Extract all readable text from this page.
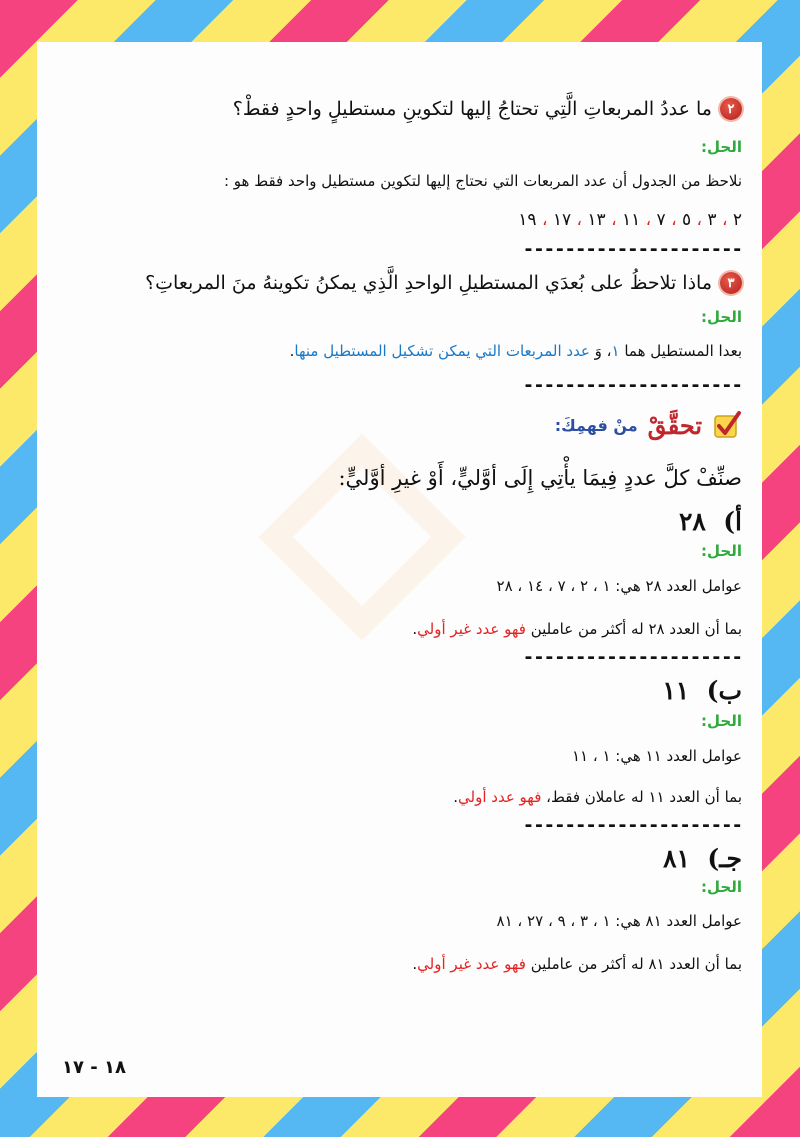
٢
ما عددُ المربعاتِ الَّتِي تحتاجُ إليها لتكوينِ مستطيلٍ واحدٍ فقطْ؟
الحل:
نلاحظ من الجدول أن عدد المربعات التي نحتاج إليها لتكوين مستطيل واحد فقط هو :
٢ ، ٣ ، ٥ ، ٧ ، ١١ ، ١٣ ، ١٧ ، ١٩
---------------------
٣
ماذا تلاحظُ على بُعدَي المستطيلِ الواحدِ الَّذِي يمكنُ تكوينهُ منَ المربعاتِ؟
الحل:
بعدا المستطيل هما ١، وَ عدد المربعات التي يمكن تشكيل المستطيل منها.
---------------------
تحقَّقْ
منْ فهمِكَ:
صنِّفْ كلَّ عددٍ فِيمَا يأْتِي إِلَى أوَّليٍّ، أَوْ غيرِ أوَّليٍّ:
أ)  ٢٨
الحل:
عوامل العدد ٢٨ هي: ١ ، ٢ ، ٧ ، ١٤ ، ٢٨
بما أن العدد ٢٨ له أكثر من عاملين فهو عدد غير أولي.
---------------------
ب)  ١١
الحل:
عوامل العدد ١١ هي: ١ ، ١١
بما أن العدد ١١ له عاملان فقط، فهو عدد أولي.
---------------------
جـ)  ٨١
الحل:
عوامل العدد ٨١ هي: ١ ، ٣ ، ٩ ، ٢٧ ، ٨١
بما أن العدد ٨١ له أكثر من عاملين فهو عدد غير أولي.
١٨ - ١٧
